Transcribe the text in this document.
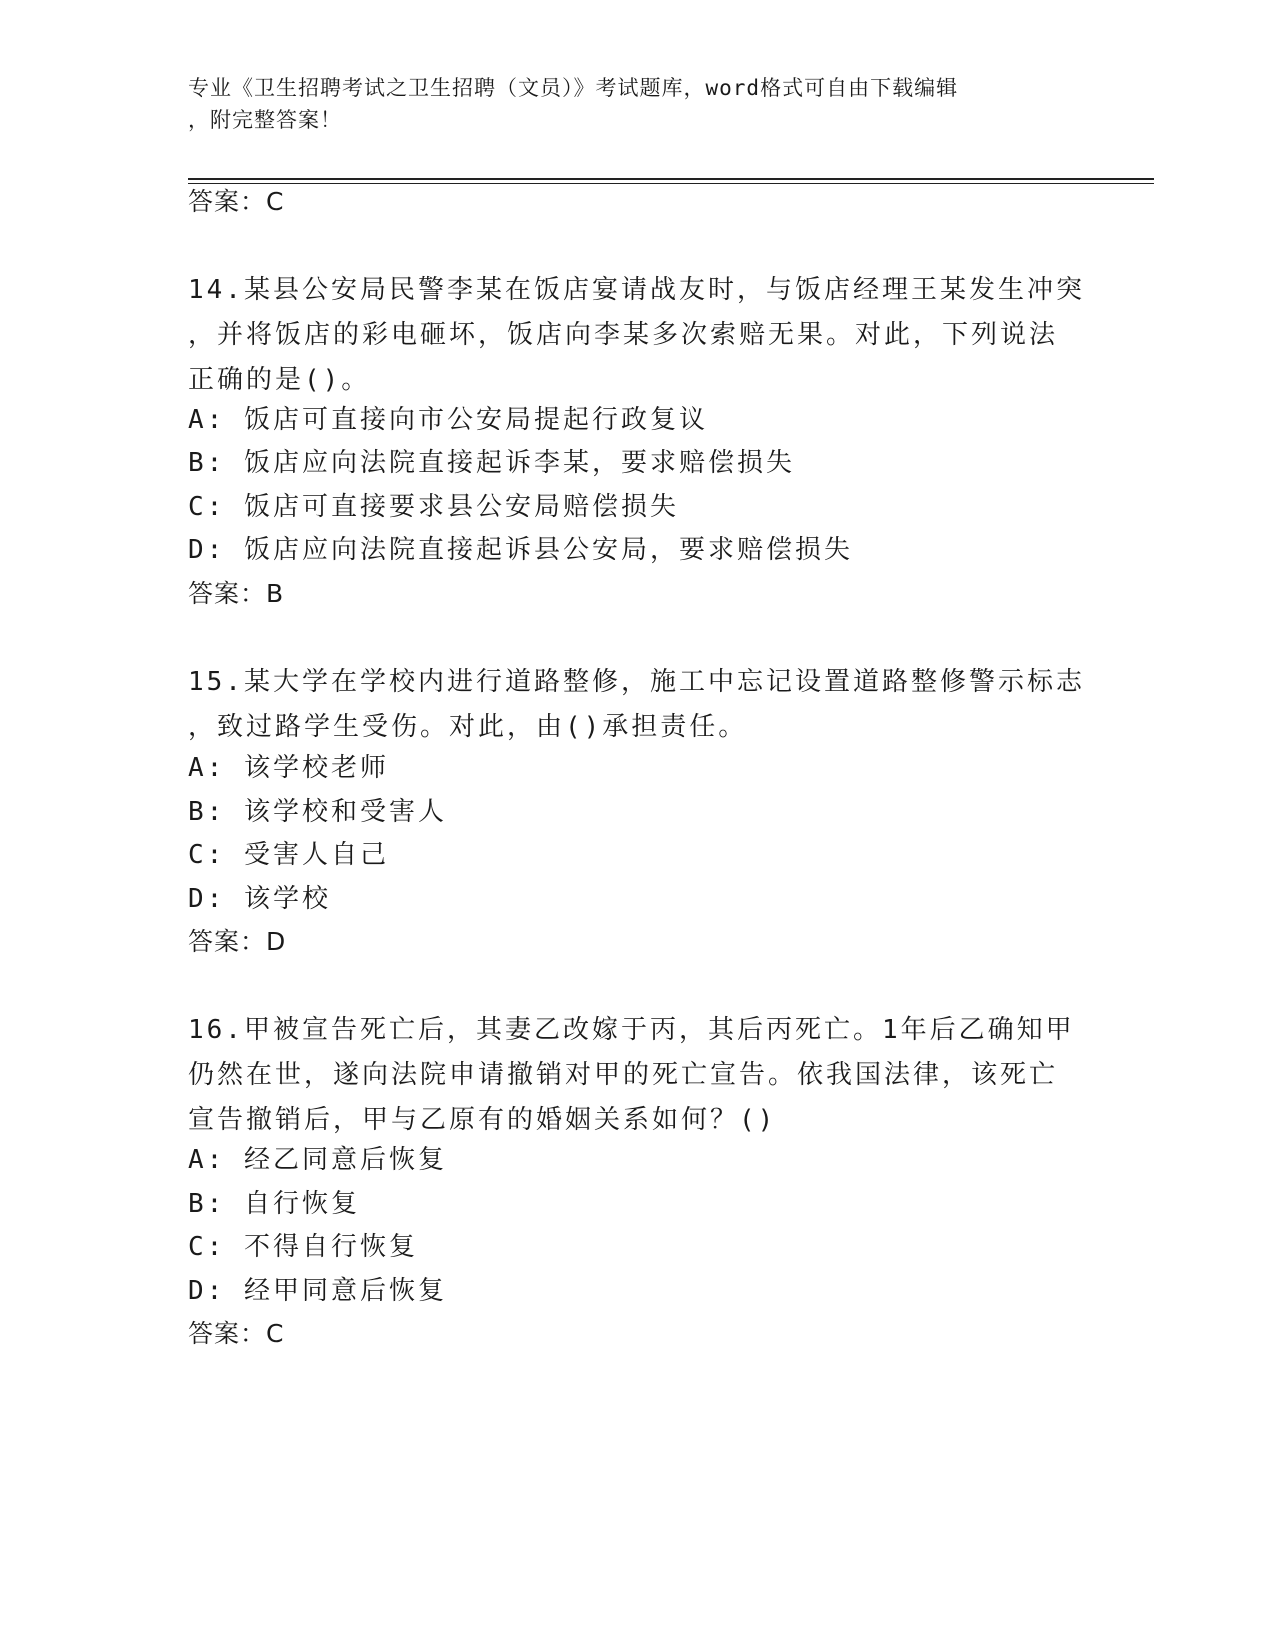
专业《卫生招聘考试之卫生招聘（文员）》考试题库，word格式可自由下载编辑
，附完整答案！
答案：C
14.某县公安局民警李某在饭店宴请战友时，与饭店经理王某发生冲突
，并将饭店的彩电砸坏，饭店向李某多次索赔无果。对此，下列说法
正确的是()。
A: 饭店可直接向市公安局提起行政复议
B: 饭店应向法院直接起诉李某，要求赔偿损失
C: 饭店可直接要求县公安局赔偿损失
D: 饭店应向法院直接起诉县公安局，要求赔偿损失
答案：B
15.某大学在学校内进行道路整修，施工中忘记设置道路整修警示标志
，致过路学生受伤。对此，由()承担责任。
A: 该学校老师
B: 该学校和受害人
C: 受害人自己
D: 该学校
答案：D
16.甲被宣告死亡后，其妻乙改嫁于丙，其后丙死亡。1年后乙确知甲
仍然在世，遂向法院申请撤销对甲的死亡宣告。依我国法律，该死亡
宣告撤销后，甲与乙原有的婚姻关系如何？()
A: 经乙同意后恢复
B: 自行恢复
C: 不得自行恢复
D: 经甲同意后恢复
答案：C
